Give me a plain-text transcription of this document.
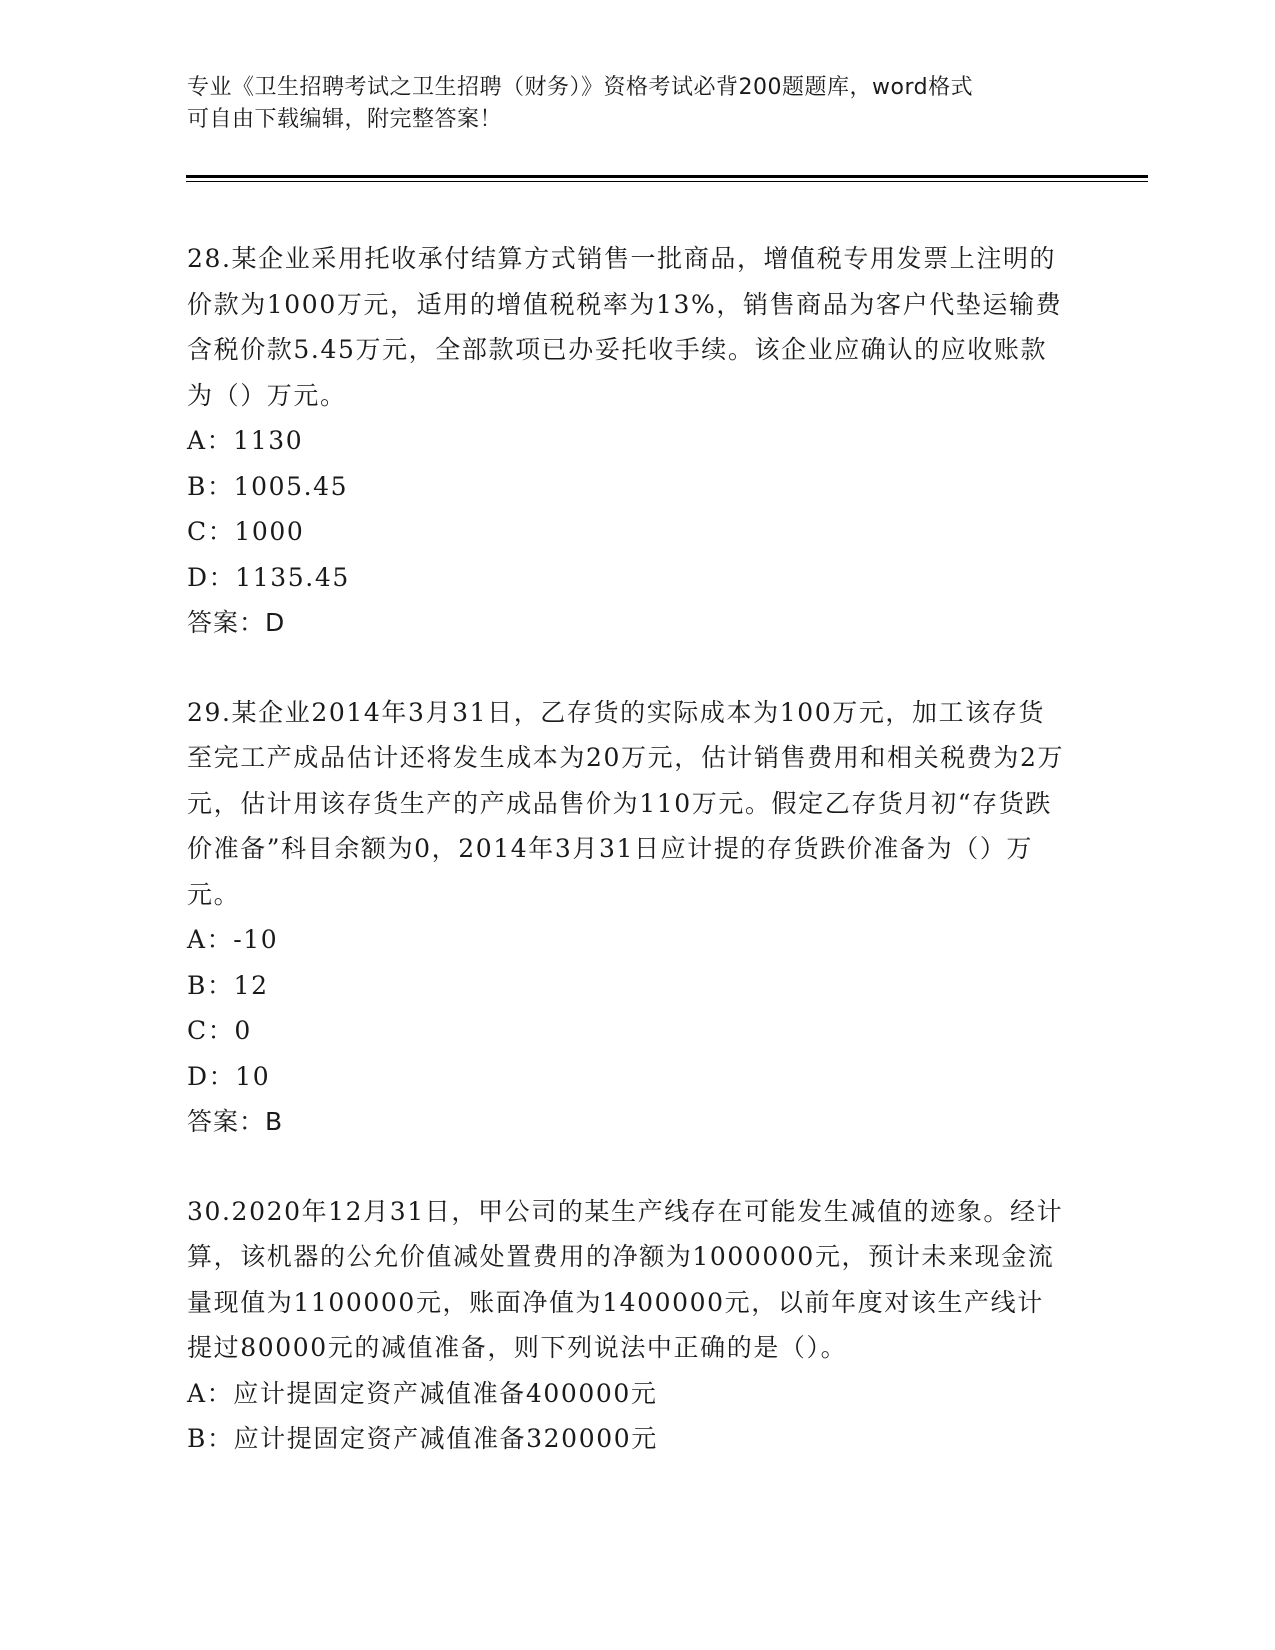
专业《卫生招聘考试之卫生招聘（财务）》资格考试必背200题题库，word格式

可自由下载编辑，附完整答案！

28.某企业采用托收承付结算方式销售一批商品，增值税专用发票上注明的价款为1000万元，适用的增值税税率为13%，销售商品为客户代垫运输费含税价款5.45万元，全部款项已办妥托收手续。该企业应确认的应收账款为（）万元。

A：1130
B：1005.45
C：1000
D：1135.45
答案：D

29.某企业2014年3月31日，乙存货的实际成本为100万元，加工该存货至完工产成品估计还将发生成本为20万元，估计销售费用和相关税费为2万元，估计用该存货生产的产成品售价为110万元。假定乙存货月初“存货跌价准备”科目余额为0，2014年3月31日应计提的存货跌价准备为（）万元。

A：-10
B：12
C：0
D：10
答案：B

30.2020年12月31日，甲公司的某生产线存在可能发生减值的迹象。经计算，该机器的公允价值减处置费用的净额为1000000元，预计未来现金流量现值为1100000元，账面净值为1400000元，以前年度对该生产线计提过80000元的减值准备，则下列说法中正确的是（）。

A：应计提固定资产减值准备400000元
B：应计提固定资产减值准备320000元
